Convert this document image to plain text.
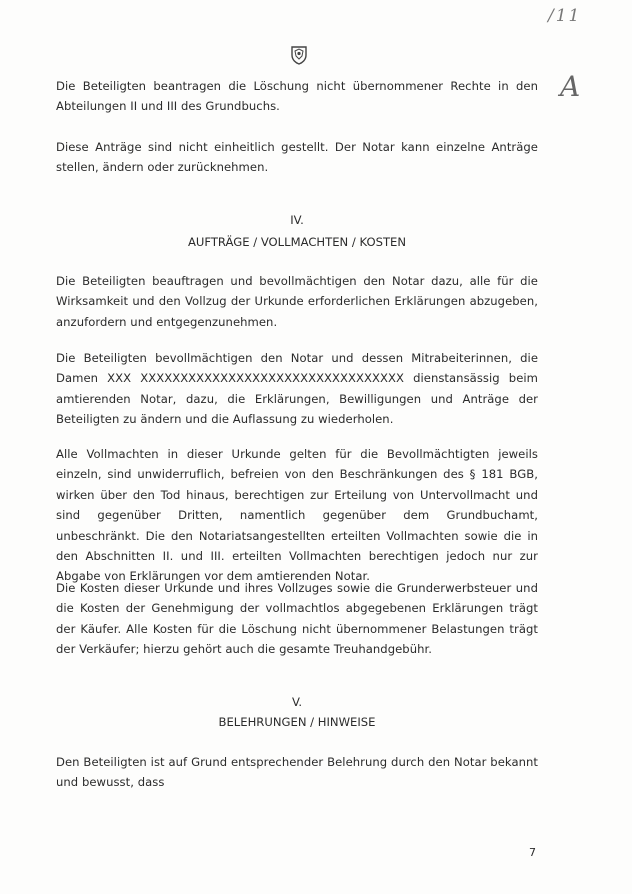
/11
A

Die Beteiligten beantragen die Löschung nicht übernommener Rechte in den Abteilungen II und III des Grundbuchs.

Diese Anträge sind nicht einheitlich gestellt. Der Notar kann einzelne Anträge stellen, ändern oder zurücknehmen.

IV.

AUFTRÄGE / VOLLMACHTEN / KOSTEN

Die Beteiligten beauftragen und bevollmächtigen den Notar dazu, alle für die Wirksamkeit und den Vollzug der Urkunde erforderlichen Erklärungen abzugeben, anzufordern und entgegenzunehmen.

Die Beteiligten bevollmächtigen den Notar und dessen Mitrabeiterinnen, die Damen XXX XXXXXXXXXXXXXXXXXXXXXXXXXXXXXXXXX dienstansässig beim amtierenden Notar, dazu, die Erklärungen, Bewilligungen und Anträge der Beteiligten zu ändern und die Auflassung zu wiederholen.

Alle Vollmachten in dieser Urkunde gelten für die Bevollmächtigten jeweils einzeln, sind unwiderruflich, befreien von den Beschränkungen des § 181 BGB, wirken über den Tod hinaus, berechtigen zur Erteilung von Untervollmacht und sind gegenüber Dritten, namentlich gegenüber dem Grundbuchamt, unbeschränkt. Die den Notariatsangestellten erteilten Vollmachten sowie die in den Abschnitten II. und III. erteilten Vollmachten berechtigen jedoch nur zur Abgabe von Erklärungen vor dem amtierenden Notar.

Die Kosten dieser Urkunde und ihres Vollzuges sowie die Grunderwerbsteuer und die Kosten der Genehmigung der vollmachtlos abgegebenen Erklärungen trägt der Käufer. Alle Kosten für die Löschung nicht übernommener Belastungen trägt der Verkäufer; hierzu gehört auch die gesamte Treuhandgebühr.

V.

BELEHRUNGEN / HINWEISE

Den Beteiligten ist auf Grund entsprechender Belehrung durch den Notar bekannt und bewusst, dass

7
